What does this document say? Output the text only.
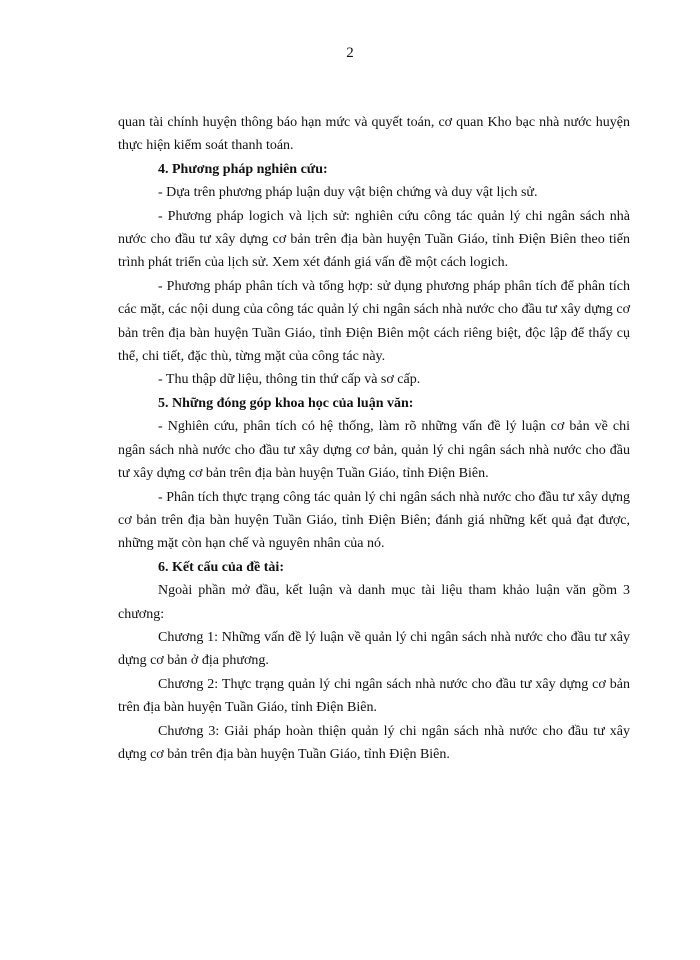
2

quan tài chính huyện thông báo hạn mức và quyết toán, cơ quan Kho bạc nhà nước huyện thực hiện kiểm soát thanh toán.

4. Phương pháp nghiên cứu:

- Dựa trên phương pháp luận duy vật biện chứng và duy vật lịch sử.

- Phương pháp logich và lịch sử: nghiên cứu công tác quản lý chi ngân sách nhà nước cho đầu tư xây dựng cơ bản trên địa bàn huyện Tuần Giáo, tỉnh Điện Biên theo tiến trình phát triển của lịch sử. Xem xét đánh giá vấn đề một cách logich.

- Phương pháp phân tích và tổng hợp: sử dụng phương pháp phân tích để phân tích các mặt, các nội dung của công tác quản lý chi ngân sách nhà nước cho đầu tư xây dựng cơ bản trên địa bàn huyện Tuần Giáo, tỉnh Điện Biên một cách riêng biệt, độc lập để thấy cụ thể, chi tiết, đặc thù, từng mặt của công tác này.

- Thu thập dữ liệu, thông tin thứ cấp và sơ cấp.

5. Những đóng góp khoa học của luận văn:

- Nghiên cứu, phân tích có hệ thống, làm rõ những vấn đề lý luận cơ bản về chi ngân sách nhà nước cho đầu tư xây dựng cơ bản, quản lý chi ngân sách nhà nước cho đầu tư xây dựng cơ bản trên địa bàn huyện Tuần Giáo, tỉnh Điện Biên.

- Phân tích thực trạng công tác quản lý chi ngân sách nhà nước cho đầu tư xây dựng cơ bản trên địa bàn huyện Tuần Giáo, tỉnh Điện Biên; đánh giá những kết quả đạt được, những mặt còn hạn chế và nguyên nhân của nó.

6. Kết cấu của đề tài:

Ngoài phần mở đầu, kết luận và danh mục tài liệu tham khảo luận văn gồm 3 chương:

Chương 1: Những vấn đề lý luận về quản lý chi ngân sách nhà nước cho đầu tư xây dựng cơ bản ở địa phương.

Chương 2: Thực trạng quản lý chi ngân sách nhà nước cho đầu tư xây dựng cơ bản trên địa bàn huyện Tuần Giáo, tỉnh Điện Biên.

Chương 3: Giải pháp hoàn thiện quản lý chi ngân sách nhà nước cho đầu tư xây dựng cơ bản trên địa bàn huyện Tuần Giáo, tỉnh Điện Biên.
